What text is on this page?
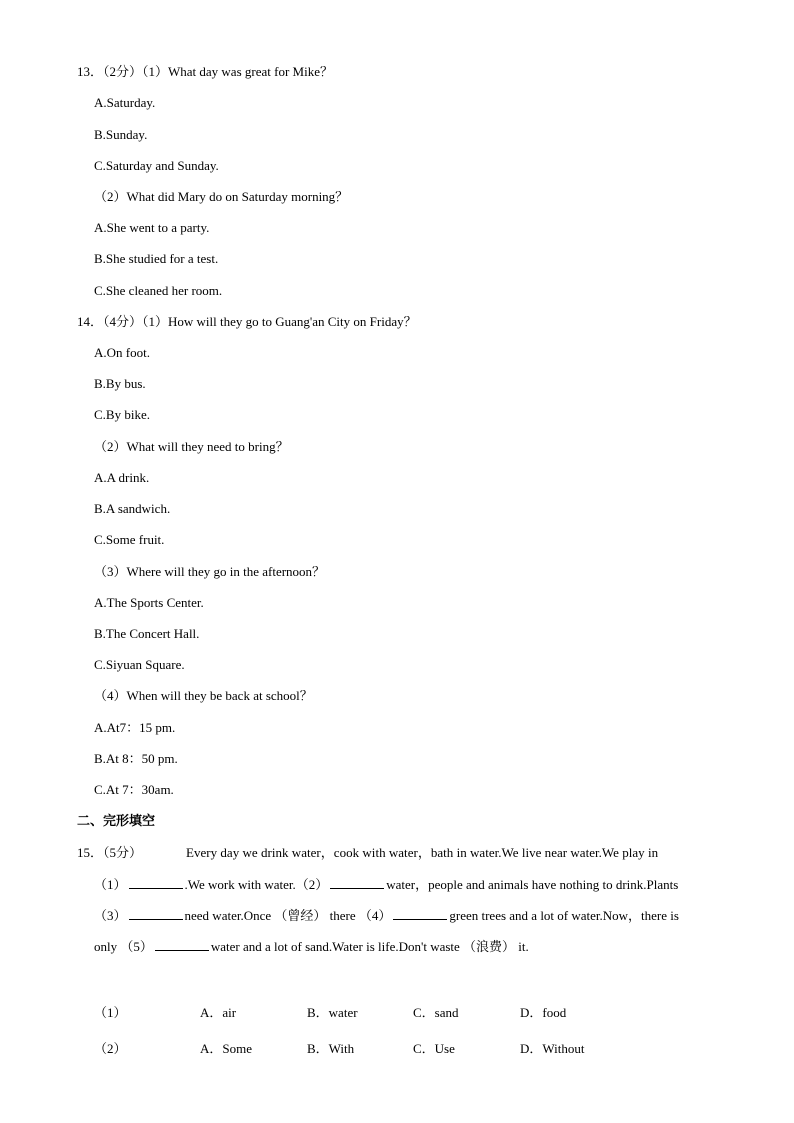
13．（2分）（1）What day was great for Mike？
A.Saturday.
B.Sunday.
C.Saturday and Sunday.
（2）What did Mary do on Saturday morning？
A.She went to a party.
B.She studied for a test.
C.She cleaned her room.
14．（4分）（1）How will they go to Guang'an City on Friday？
A.On foot.
B.By bus.
C.By bike.
（2）What will they need to bring？
A.A drink.
B.A sandwich.
C.Some fruit.
（3）Where will they go in the afternoon？
A.The Sports Center.
B.The Concert Hall.
C.Siyuan Square.
（4）When will they be back at school？
A.At7：15 pm.
B.At 8：50 pm.
C.At 7：30am.
二、完形填空
15．（5分）	Every day we drink water，cook with water，bath in water.We live near water.We play in
（1）	.We work with water.（2）	water，people and animals have nothing to drink.Plants
（3）	need water.Once （曾经） there （4）	green trees and a lot of water.Now，there is
only （5）	water and a lot of sand.Water is life.Don't waste （浪费） it.
（1）	A．air	B．water	C．sand	D．food
（2）	A．Some	B．With	C．Use	D．Without
